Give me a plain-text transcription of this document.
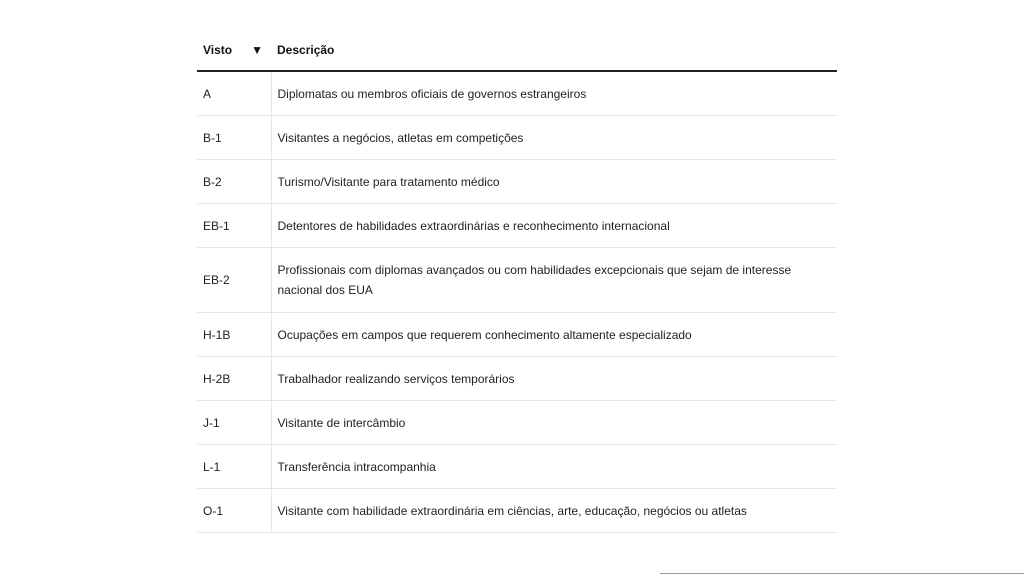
Visto ▼	Descrição
A	Diplomatas ou membros oficiais de governos estrangeiros
B-1	Visitantes a negócios, atletas em competições
B-2	Turismo/Visitante para tratamento médico
EB-1	Detentores de habilidades extraordinárias e reconhecimento internacional
EB-2	Profissionais com diplomas avançados ou com habilidades excepcionais que sejam de interesse nacional dos EUA
H-1B	Ocupações em campos que requerem conhecimento altamente especializado
H-2B	Trabalhador realizando serviços temporários
J-1	Visitante de intercâmbio
L-1	Transferência intracompanhia
O-1	Visitante com habilidade extraordinária em ciências, arte, educação, negócios ou atletas
